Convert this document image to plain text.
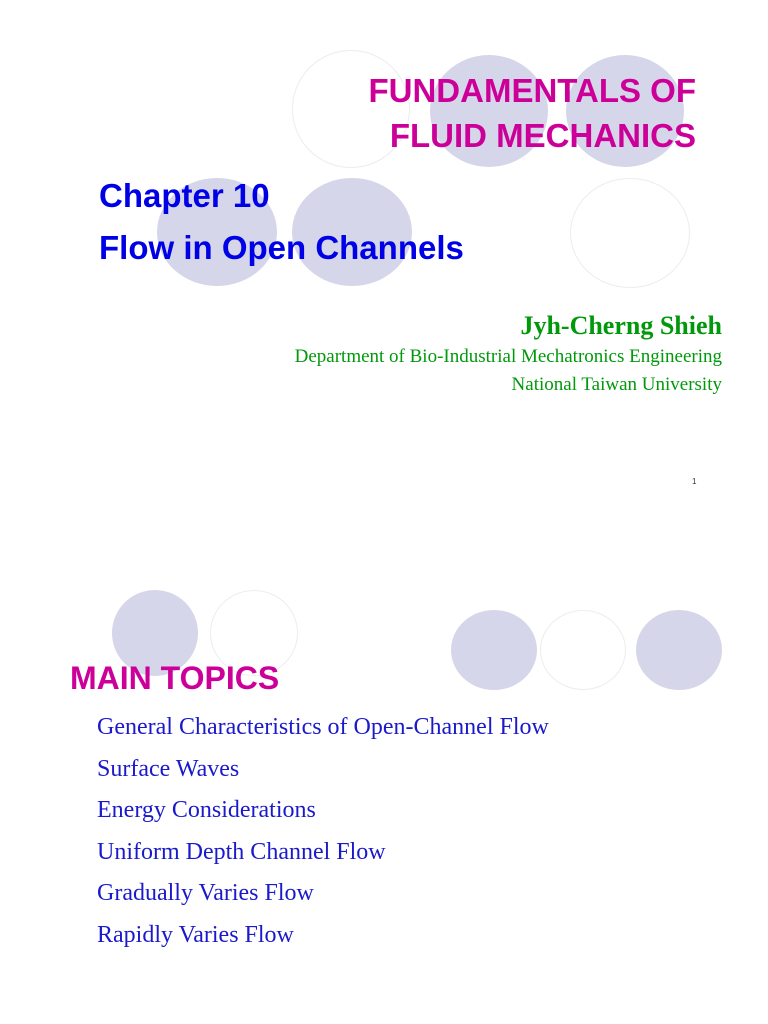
FUNDAMENTALS OF
FLUID MECHANICS
Chapter 10
Flow in Open Channels
Jyh-Cherng Shieh
Department of Bio-Industrial Mechatronics Engineering
National Taiwan University
1
MAIN TOPICS
General Characteristics of Open-Channel Flow
Surface Waves
Energy Considerations
Uniform Depth Channel Flow
Gradually Varies Flow
Rapidly Varies Flow
